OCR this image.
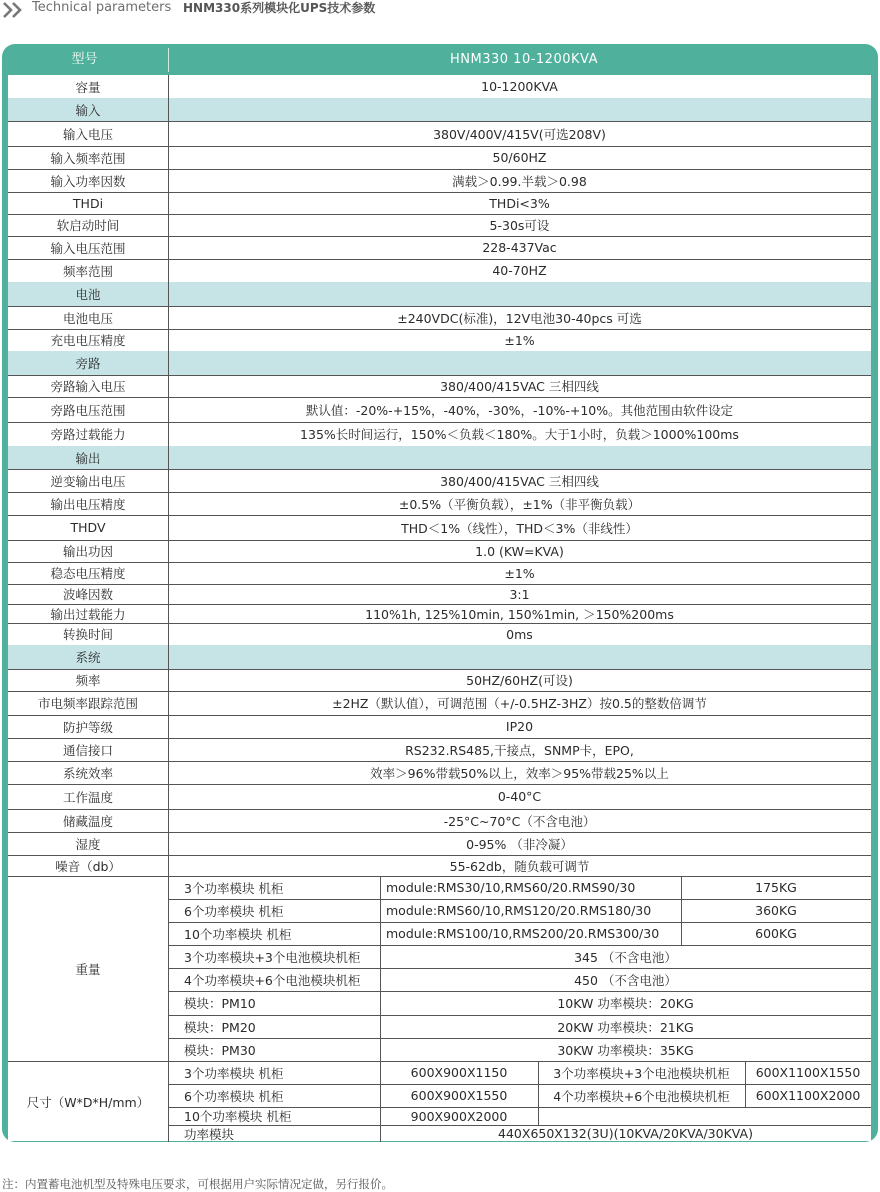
Technical parameters HNM330系列模块化UPS技术参数
型号	HNM330 10-1200KVA
容量	10-1200KVA
输入
输入电压	380V/400V/415V(可选208V)
输入频率范围	50/60HZ
输入功率因数	满载＞0.99.半载＞0.98
THDi	THDi<3%
软启动时间	5-30s可设
输入电压范围	228-437Vac
频率范围	40-70HZ
电池
电池电压	±240VDC(标准)，12V电池30-40pcs 可选
充电电压精度	±1%
旁路
旁路输入电压	380/400/415VAC 三相四线
旁路电压范围	默认值：-20%-+15%，-40%，-30%，-10%-+10%。其他范围由软件设定
旁路过载能力	135%长时间运行，150%＜负载＜180%。大于1小时，负载＞1000%100ms
输出
逆变输出电压	380/400/415VAC 三相四线
输出电压精度	±0.5%（平衡负载），±1%（非平衡负载）
THDV	THD＜1%（线性），THD＜3%（非线性）
输出功因	1.0 (KW=KVA)
稳态电压精度	±1%
波峰因数	3:1
输出过载能力	110%1h, 125%10min, 150%1min, ＞150%200ms
转换时间	0ms
系统
频率	50HZ/60HZ(可设)
市电频率跟踪范围	±2HZ（默认值），可调范围（+/-0.5HZ-3HZ）按0.5的整数倍调节
防护等级	IP20
通信接口	RS232.RS485,干接点，SNMP卡，EPO,
系统效率	效率＞96%带载50%以上，效率＞95%带载25%以上
工作温度	0-40°C
储藏温度	-25°C~70°C（不含电池）
湿度	0-95% （非冷凝）
噪音（db）	55-62db，随负载可调节
重量
3个功率模块 机柜	module:RMS30/10,RMS60/20.RMS90/30	175KG
6个功率模块 机柜	module:RMS60/10,RMS120/20.RMS180/30	360KG
10个功率模块 机柜	module:RMS100/10,RMS200/20.RMS300/30	600KG
3个功率模块+3个电池模块机柜	345 （不含电池）
4个功率模块+6个电池模块机柜	450 （不含电池）
模块：PM10	10KW 功率模块：20KG
模块：PM20	20KW 功率模块：21KG
模块：PM30	30KW 功率模块：35KG
尺寸（W*D*H/mm）
3个功率模块 机柜	600X900X1150	3个功率模块+3个电池模块机柜	600X1100X1550
6个功率模块 机柜	600X900X1550	4个功率模块+6个电池模块机柜	600X1100X2000
10个功率模块 机柜	900X900X2000
功率模块	440X650X132(3U)(10KVA/20KVA/30KVA)
注：内置蓄电池机型及特殊电压要求，可根据用户实际情况定做，另行报价。
